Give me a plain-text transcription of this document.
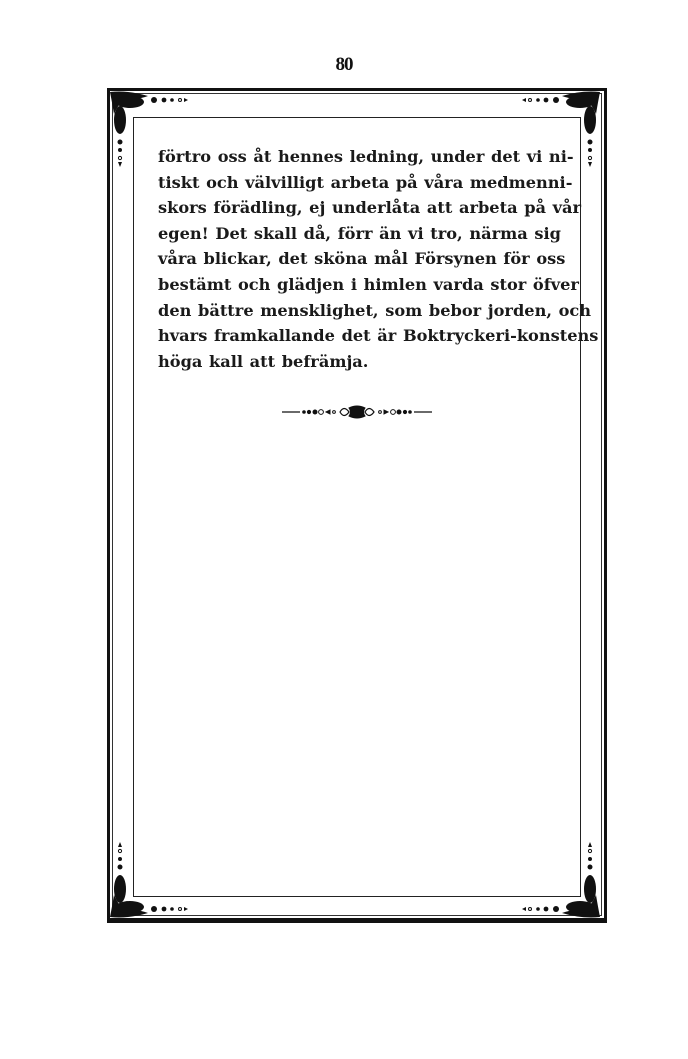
80
förtro oss åt hennes ledning, under det vi ni-
tiskt och välvilligt arbeta på våra medmenni-
skors förädling, ej underlåta att arbeta på vår
egen! Det skall då, förr än vi tro, närma sig
våra blickar, det sköna mål Försynen för oss
bestämt och glädjen i himlen varda stor öfver
den bättre mensklighet, som bebor jorden, och
hvars framkallande det är Boktryckeri-konstens
höga kall att befrämja.
